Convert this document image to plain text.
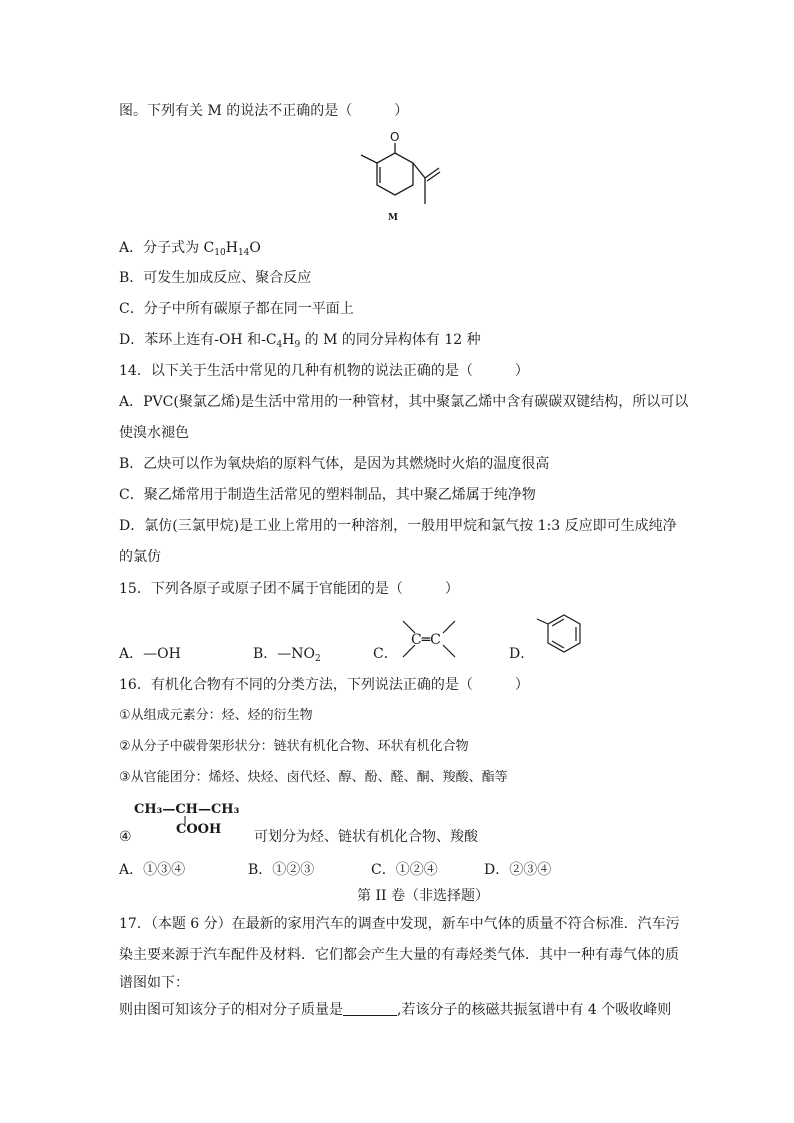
图。下列有关 M 的说法不正确的是（　　　）
O
M
A．分子式为 $C_{10}H_{14}O$
B．可发生加成反应、聚合反应
C．分子中所有碳原子都在同一平面上
D．苯环上连有-OH 和$-C_4H_9$ 的 M 的同分异构体有 12 种
14．以下关于生活中常见的几种有机物的说法正确的是（　　　）
A．PVC(聚氯乙烯)是生活中常用的一种管材，其中聚氯乙烯中含有碳碳双键结构，所以可以
使溴水褪色
B．乙炔可以作为氧炔焰的原料气体，是因为其燃烧时火焰的温度很高
C．聚乙烯常用于制造生活常见的塑料制品，其中聚乙烯属于纯净物
D．氯仿(三氯甲烷)是工业上常用的一种溶剂，一般用甲烷和氯气按 1:3 反应即可生成纯净
的氯仿
15．下列各原子或原子团不属于官能团的是（　　　）
A．—OH	B．$—NO_2$	C．
C═C
D．
16．有机化合物有不同的分类方法，下列说法正确的是（　　　）
①从组成元素分：烃、烃的衍生物
②从分子中碳骨架形状分：链状有机化合物、环状有机化合物
③从官能团分：烯烃、炔烃、卤代烃、醇、酚、醛、酮、羧酸、酯等
CH₃—CH—CH₃
COOH
④	可划分为烃、链状有机化合物、羧酸
A．①③④	B．①②③	C．①②④	D．②③④
第 II 卷（非选择题）
17．（本题 6 分）在最新的家用汽车的调查中发现，新车中气体的质量不符合标准．汽车污
染主要来源于汽车配件及材料．它们都会产生大量的有毒烃类气体．其中一种有毒气体的质
谱图如下：
则由图可知该分子的相对分子质量是	,若该分子的核磁共振氢谱中有 4 个吸收峰则
